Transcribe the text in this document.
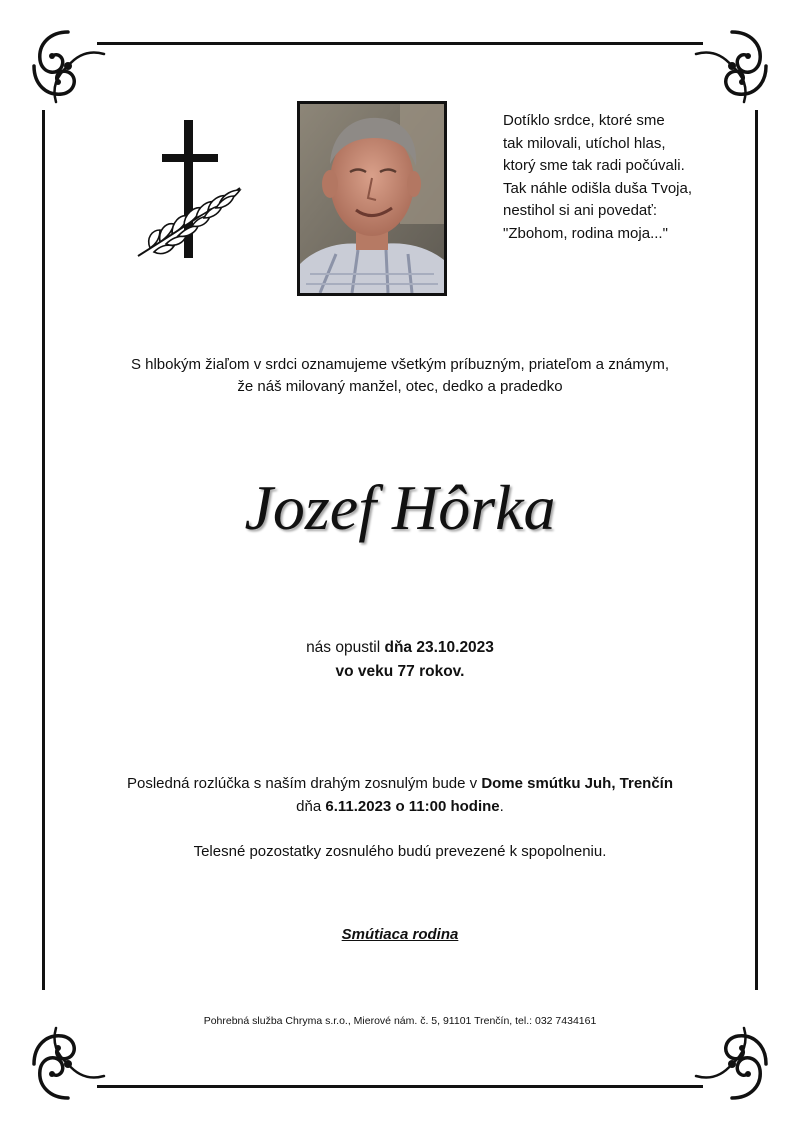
Dotíklo srdce, ktoré sme
tak milovali, utíchol hlas,
ktorý sme tak radi počúvali.
Tak náhle odišla duša Tvoja,
nestihol si ani povedať:
"Zbohom, rodina moja..."
S hlbokým žiaľom v srdci oznamujeme všetkým príbuzným, priateľom a známym,
že náš milovaný manžel, otec, dedko a pradedko
Jozef Hôrka
nás opustil dňa 23.10.2023
vo veku 77 rokov.
Posledná rozlúčka s naším drahým zosnulým bude v Dome smútku Juh, Trenčín
dňa 6.11.2023 o 11:00 hodine.
Telesné pozostatky zosnulého budú prevezené k spopolneniu.
Smútiaca rodina
Pohrebná služba Chryma s.r.o., Mierové nám. č. 5, 91101 Trenčín, tel.: 032 7434161
